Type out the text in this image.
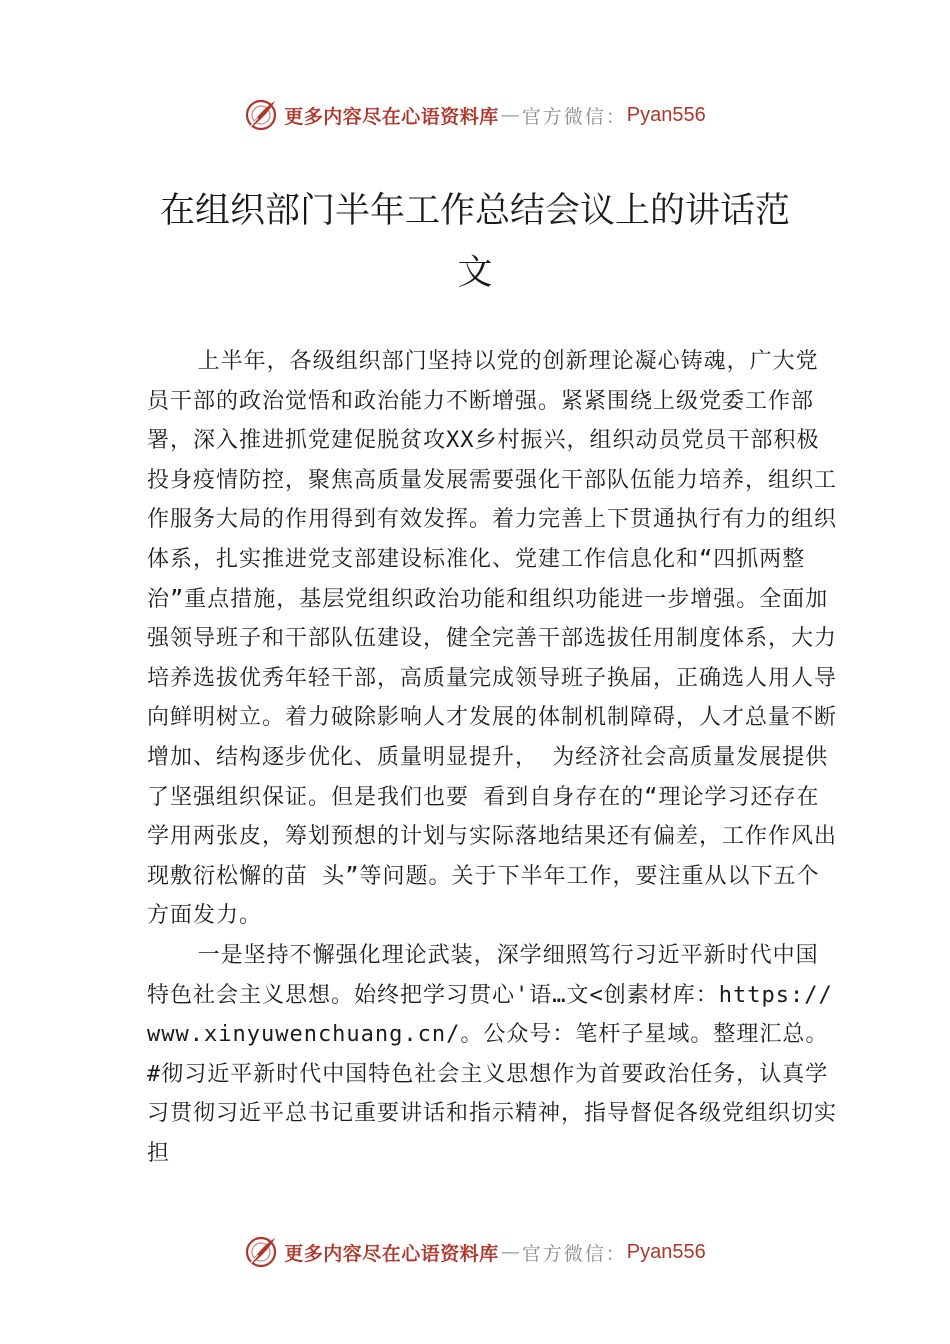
更多内容尽在心语资料库 — 官方微信： Pyan556
在组织部门半年工作总结会议上的讲话范文

上半年，各级组织部门坚持以党的创新理论凝心铸魂，广大党员干部的政治觉悟和政治能力不断增强。紧紧围绕上级党委工作部署，深入推进抓党建促脱贫攻XX乡村振兴，组织动员党员干部积极投身疫情防控，聚焦高质量发展需要强化干部队伍能力培养，组织工作服务大局的作用得到有效发挥。着力完善上下贯通执行有力的组织体系，扎实推进党支部建设标准化、党建工作信息化和“四抓两整治”重点措施，基层党组织政治功能和组织功能进一步增强。全面加强领导班子和干部队伍建设，健全完善干部选拔任用制度体系，大力培养选拔优秀年轻干部，高质量完成领导班子换届，正确选人用人导向鲜明树立。着力破除影响人才发展的体制机制障碍，人才总量不断增加、结构逐步优化、质量明显提升， 为经济社会高质量发展提供了坚强组织保证。但是我们也要 看到自身存在的“理论学习还存在学用两张皮，筹划预想的计划与实际落地结果还有偏差，工作作风出现敷衍松懈的苗 头”等问题。关于下半年工作，要注重从以下五个方面发力。

一是坚持不懈强化理论武装，深学细照笃行习近平新时代中国特色社会主义思想。始终把学习贯心'语…文<创素材库：https://www.xinyuwenchuang.cn/。公众号：笔杆子星域。整理汇总。#彻习近平新时代中国特色社会主义思想作为首要政治任务，认真学习贯彻习近平总书记重要讲话和指示精神，指导督促各级党组织切实担

更多内容尽在心语资料库 — 官方微信： Pyan556
